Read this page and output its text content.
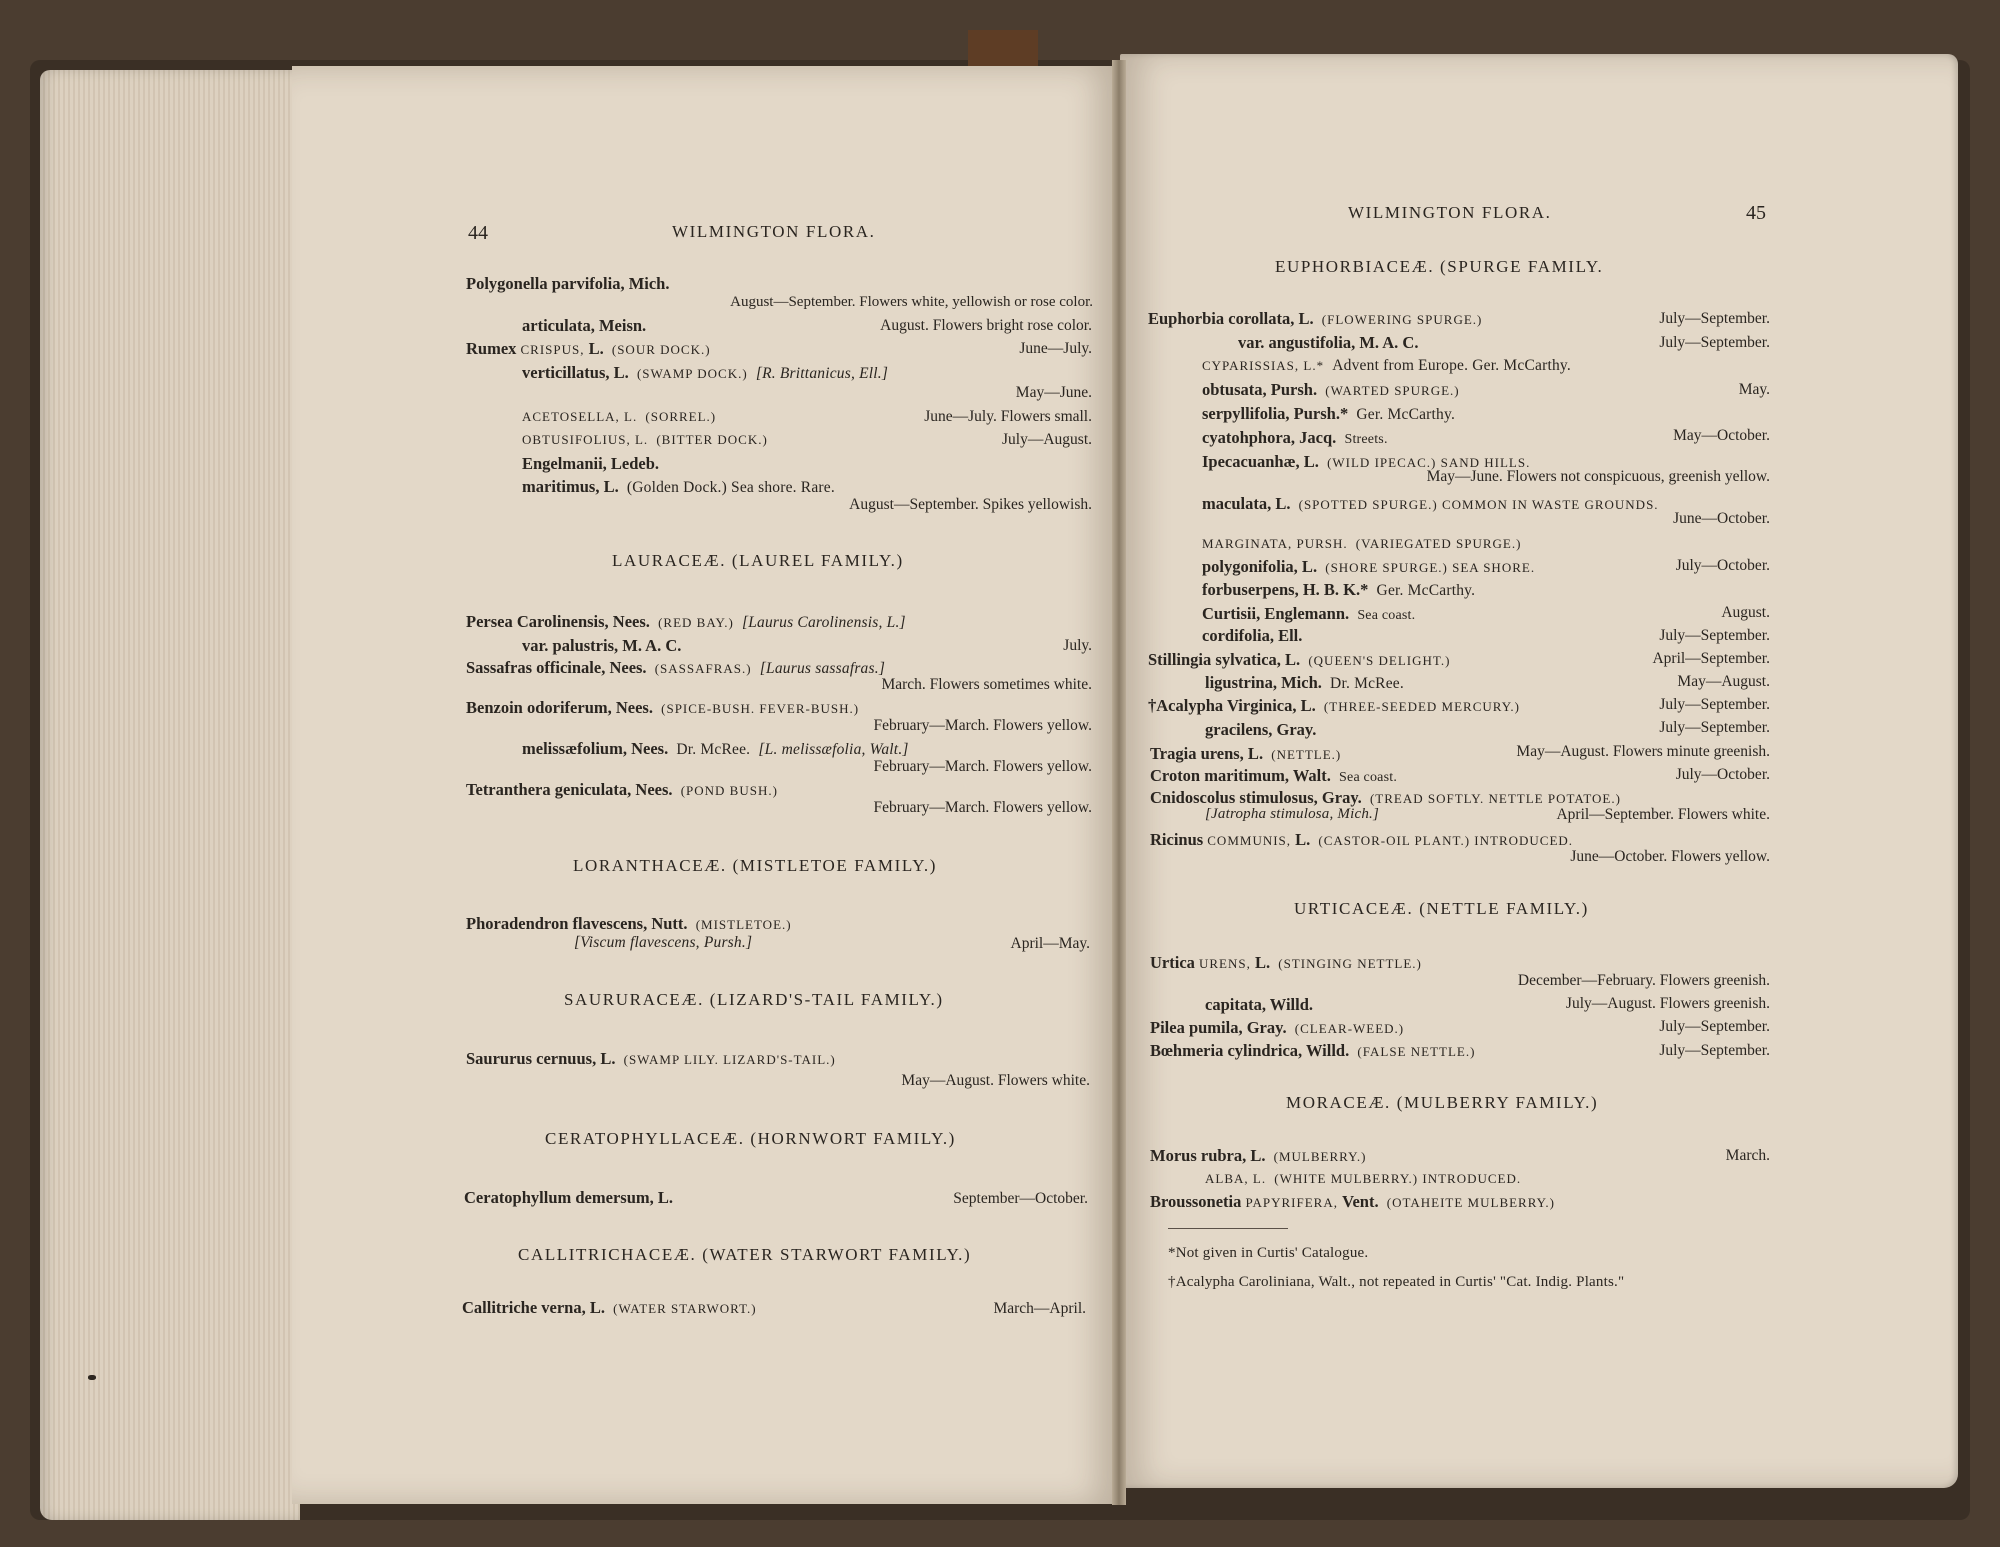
44	WILMINGTON FLORA.
Polygonella parvifolia, Mich.
August—September. Flowers white, yellowish or rose color.
articulata, Meisn.	August. Flowers bright rose color.
Rumex CRISPUS, L. (SOUR DOCK.)	June—July.
verticillatus, L. (SWAMP DOCK.) [R. Brittanicus, Ell.]
May—June.
ACETOSELLA, L. (SORREL.)	June—July. Flowers small.
OBTUSIFOLIUS, L. (BITTER DOCK.)	July—August.
Engelmanii, Ledeb.
maritimus, L. (Golden Dock.) Sea shore. Rare.
August—September. Spikes yellowish.
LAURACEÆ. (LAUREL FAMILY.)
Persea Carolinensis, Nees. (RED BAY.) [Laurus Carolinensis, L.]
var. palustris, M. A. C.	July.
Sassafras officinale, Nees. (SASSAFRAS.) [Laurus sassafras.]
March. Flowers sometimes white.
Benzoin odoriferum, Nees. (SPICE-BUSH. FEVER-BUSH.)
February—March. Flowers yellow.
melissæfolium, Nees. Dr. McRee. [L. melissæfolia, Walt.]
February—March. Flowers yellow.
Tetranthera geniculata, Nees. (POND BUSH.)
February—March. Flowers yellow.
LORANTHACEÆ. (MISTLETOE FAMILY.)
Phoradendron flavescens, Nutt. (MISTLETOE.)
[Viscum flavescens, Pursh.]	April—May.
SAURURACEÆ. (LIZARD'S-TAIL FAMILY.)
Saururus cernuus, L. (SWAMP LILY. LIZARD'S-TAIL.)
May—August. Flowers white.
CERATOPHYLLACEÆ. (HORNWORT FAMILY.)
Ceratophyllum demersum, L.	September—October.
CALLITRICHACEÆ. (WATER STARWORT FAMILY.)
Callitriche verna, L. (WATER STARWORT.)	March—April.
WILMINGTON FLORA.	45
EUPHORBIACEÆ. (SPURGE FAMILY.
Euphorbia corollata, L. (FLOWERING SPURGE.)	July—September.
var. angustifolia, M. A. C.	July—September.
CYPARISSIAS, L.* Advent from Europe. Ger. McCarthy.
obtusata, Pursh. (WARTED SPURGE.)	May.
serpyllifolia, Pursh.* Ger. McCarthy.
cyatohphora, Jacq. Streets.	May—October.
Ipecacuanhæ, L. (WILD IPECAC.) SAND HILLS.
May—June. Flowers not conspicuous, greenish yellow.
maculata, L. (SPOTTED SPURGE.) COMMON IN WASTE GROUNDS.
June—October.
MARGINATA, PURSH. (VARIEGATED SPURGE.)
polygonifolia, L. (SHORE SPURGE.) SEA SHORE.	July—October.
forbuserpens, H. B. K.* Ger. McCarthy.
Curtisii, Englemann. Sea coast.	August.
cordifolia, Ell.	July—September.
Stillingia sylvatica, L. (QUEEN'S DELIGHT.)	April—September.
ligustrina, Mich. Dr. McRee.	May—August.
†Acalypha Virginica, L. (THREE-SEEDED MERCURY.)	July—September.
gracilens, Gray.	July—September.
Tragia urens, L. (NETTLE.)	May—August. Flowers minute greenish.
Croton maritimum, Walt. Sea coast.	July—October.
Cnidoscolus stimulosus, Gray. (TREAD SOFTLY. NETTLE POTATOE.)
[Jatropha stimulosa, Mich.]	April—September. Flowers white.
Ricinus COMMUNIS, L. (CASTOR-OIL PLANT.) INTRODUCED.
June—October. Flowers yellow.
URTICACEÆ. (NETTLE FAMILY.)
Urtica URENS, L. (STINGING NETTLE.)
December—February. Flowers greenish.
capitata, Willd.	July—August. Flowers greenish.
Pilea pumila, Gray. (CLEAR-WEED.)	July—September.
Bœhmeria cylindrica, Willd. (FALSE NETTLE.)	July—September.
MORACEÆ. (MULBERRY FAMILY.)
Morus rubra, L. (MULBERRY.)	March.
ALBA, L. (WHITE MULBERRY.) INTRODUCED.
Broussonetia PAPYRIFERA, Vent. (OTAHEITE MULBERRY.)
*Not given in Curtis' Catalogue.
†Acalypha Caroliniana, Walt., not repeated in Curtis' "Cat. Indig. Plants."
